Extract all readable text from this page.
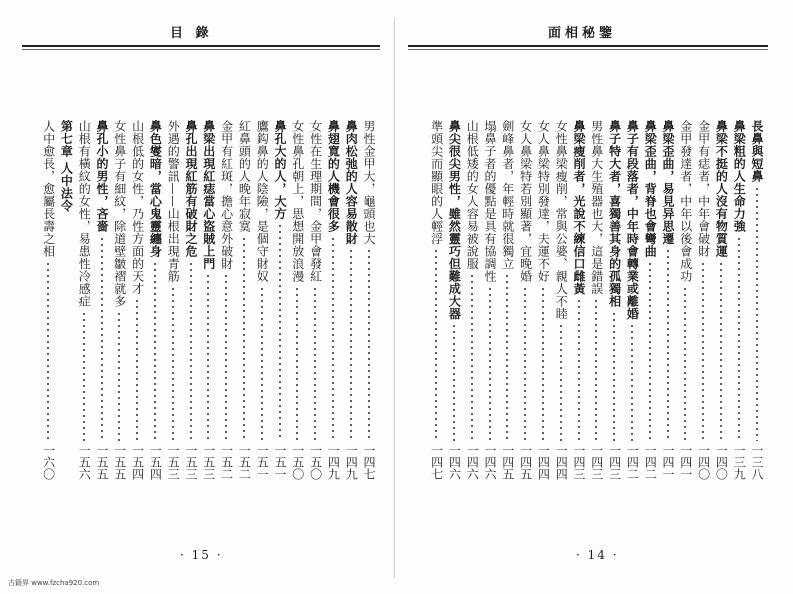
目 錄
男性金甲大，龜頭也大
一四七
鼻肉松弛的人容易散財
一四九
鼻翅寬的人機會很多
一四九
女性在生理期間，金甲會發紅
一五〇
女性鼻孔朝上，思想開放浪漫
一五〇
鼻孔大的人，大方
一五一
鷹鈎鼻的人陰險，是個守財奴
一五一
紅鼻頭的人晚年寂寞
一五二
金甲有紅斑，擔心意外破財
一五二
鼻梁出現紅痣當心盜賊上門
一五三
鼻孔出現紅筋有破財之危
一五三
外遇的警訊——山根出現青筋
一五三
鼻色燮暗，當心鬼靈纏身
一五四
山根低的女性，乃性方面的天才
一五四
女性鼻子有細紋，除道壁皺褶就多
一五五
鼻孔小的男性，吝嗇
一五五
山根有橫紋的女性，易患性冷感症
一五六
第七章 人中法令
人中愈長，愈屬長壽之相
一六〇
· 15 ·
面相秘鑒
長鼻與短鼻
一三八
鼻梁粗的人生命力強
一三九
鼻梁不挺的人沒有物質運
一四〇
金甲有痣者，中年會破財
一四〇
金甲發達者，中年以後會成功
一四一
鼻梁歪曲，易見异思遷
一四一
鼻梁歪曲，背脊也會彎曲
一四二
鼻子有段落者，中年時會轉業或離婚
一四二
鼻子特大者，喜獨善其身的孤獨相
一四三
男性鼻大生殖器也大，這是錯誤
一四三
鼻梁瘦削者，光說不練信口雌黃
一四三
女性鼻梁瘦削，常與公婆、親人不睦
一四四
女人鼻梁特別發達，夫運不好
一四四
女人鼻梁特若別顯著，宜晚婚
一四五
劍峰鼻者，年輕時就很獨立
一四五
塌鼻子者的優點是具有協調性
一四六
山根低矮的女人容易被說服
一四六
鼻尖很尖男性，雖然靈巧但難成大器
一四六
準頭尖而顯眼的人輕浮
一四七
· 14 ·
古籍界 www.fzcha920.com
